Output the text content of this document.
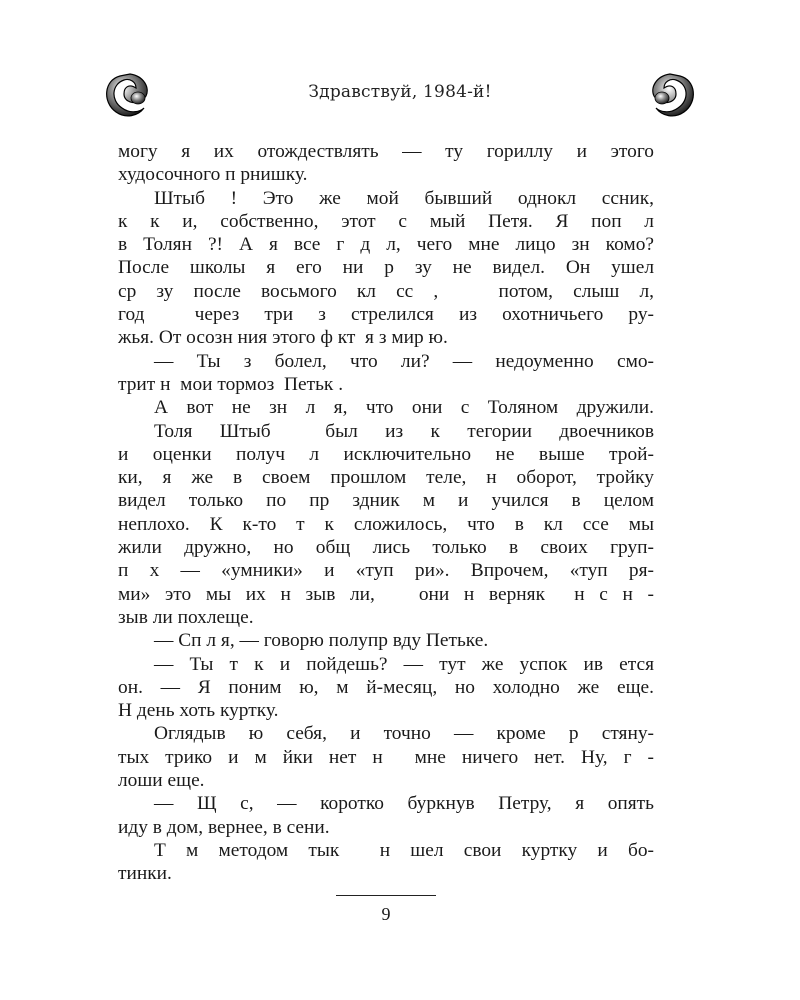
Здравствуй, 1984-й!
могу я их отождествлять — ту гориллу и этого
худосочного п рнишку.
Штыб ! Это же мой бывший однокл ссник,
к к и, собственно, этот с мый Петя. Я поп л
в Толян ?! А я все г д л, чего мне лицо зн комо?
После школы я его ни р зу не видел. Он ушел
ср зу после восьмого кл сс ,   потом, слыш л,
год  через три з стрелился из охотничьего ру-
жья. От осозн ния этого ф кт  я з мир ю.
— Ты з болел, что ли? — недоуменно смо-
трит н  мои тормоз  Петьк .
А вот не зн л я, что они с Толяном дружили.
Толя Штыб  был из к тегории двоечников
и оценки получ л исключительно не выше трой-
ки, я же в своем прошлом теле, н оборот, тройку
видел только по пр здник м и учился в целом
неплохо. К к-то т к сложилось, что в кл ссе мы
жили дружно, но общ лись только в своих груп-
п х — «умники» и «туп ри». Впрочем, «туп ря-
ми» это мы их н зыв ли,   они н верняк  н с н -
зыв ли похлеще.
— Сп л я, — говорю полупр вду Петьке.
— Ты т к и пойдешь? — тут же успок ив ется
он. — Я поним ю, м й-месяц, но холодно же еще.
Н день хоть куртку.
Оглядыв ю себя, и точно — кроме р стяну-
тых трико и м йки нет н  мне ничего нет. Ну, г -
лоши еще.
— Щ с, — коротко буркнув Петру, я опять
иду в дом, вернее, в сени.
Т м методом тык  н шел свои куртку и бо-
тинки.
9
